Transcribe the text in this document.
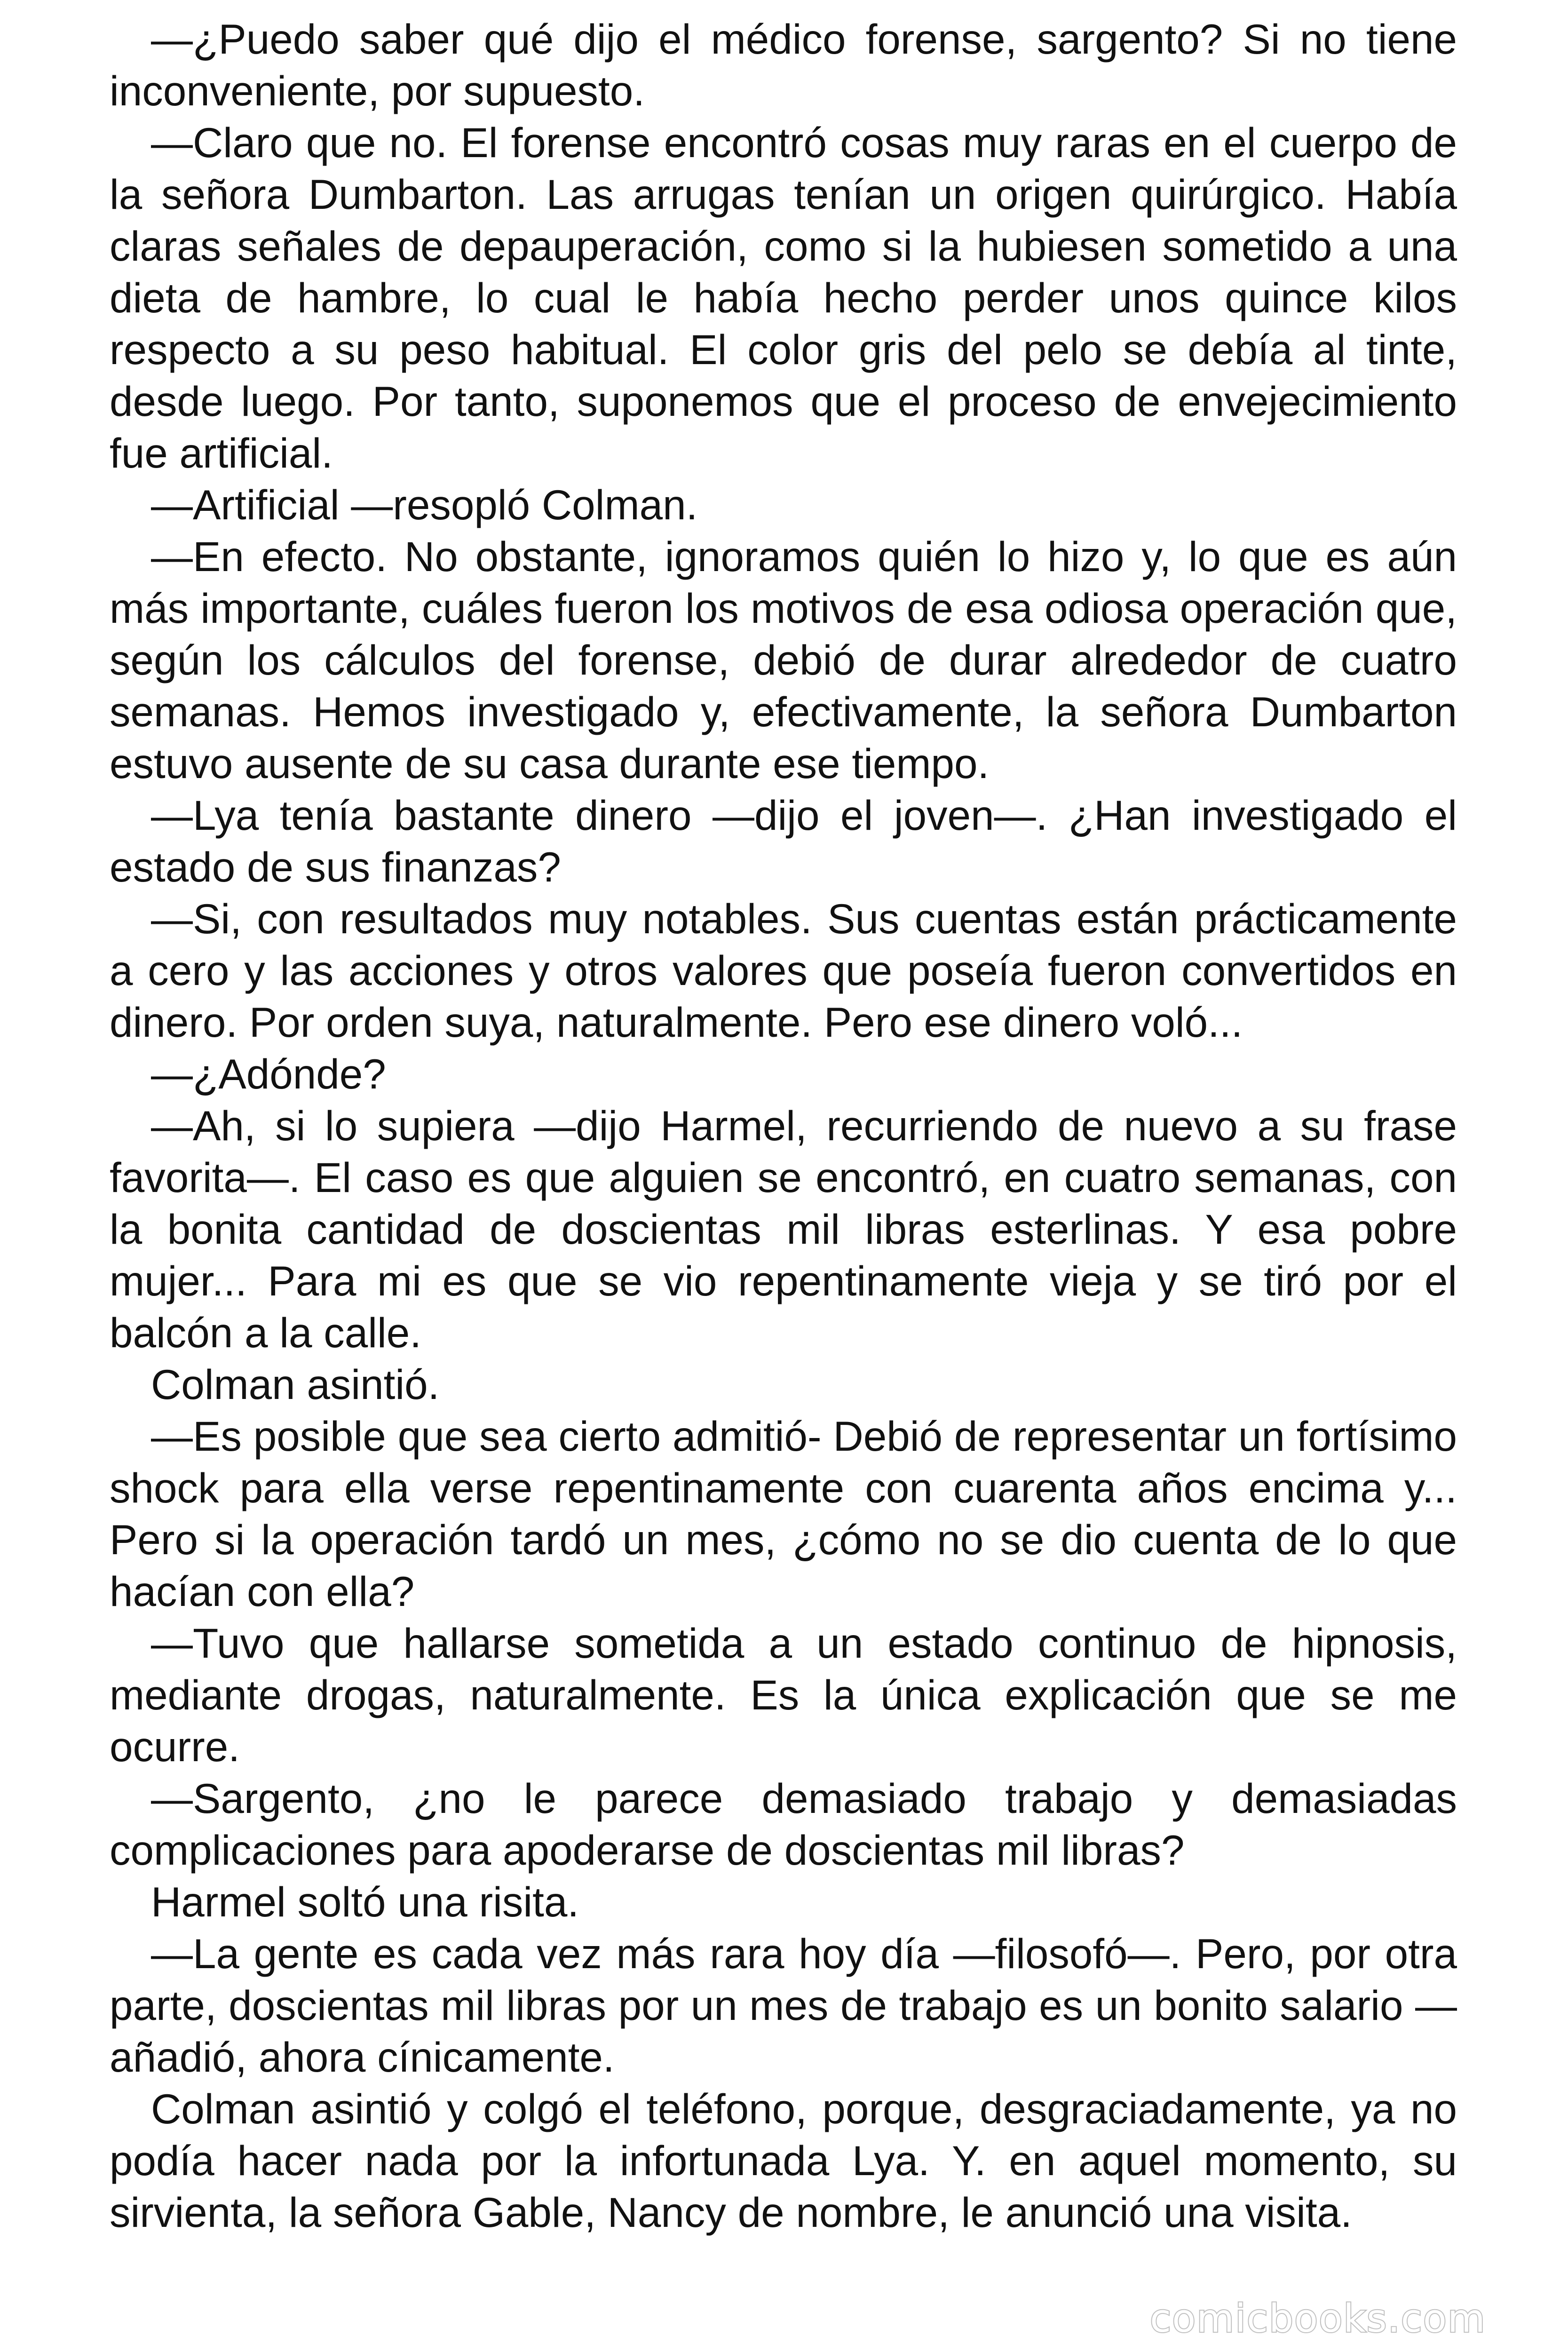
—¿Puedo saber qué dijo el médico forense, sargento? Si no tiene inconveniente, por supuesto.

—Claro que no. El forense encontró cosas muy raras en el cuerpo de la señora Dumbarton. Las arrugas tenían un origen quirúrgico. Había claras señales de depauperación, como si la hubiesen sometido a una dieta de hambre, lo cual le había hecho perder unos quince kilos respecto a su peso habitual. El color gris del pelo se debía al tinte, desde luego. Por tanto, suponemos que el proceso de envejecimiento fue artificial.

—Artificial —resopló Colman.

—En efecto. No obstante, ignoramos quién lo hizo y, lo que es aún más importante, cuáles fueron los motivos de esa odiosa operación que, según los cálculos del forense, debió de durar alrededor de cuatro semanas. Hemos investigado y, efectivamente, la señora Dumbarton estuvo ausente de su casa durante ese tiempo.

—Lya tenía bastante dinero —dijo el joven—. ¿Han investigado el estado de sus finanzas?

—Si, con resultados muy notables. Sus cuentas están prácticamente a cero y las acciones y otros valores que poseía fueron convertidos en dinero. Por orden suya, naturalmente. Pero ese dinero voló...

—¿Adónde?

—Ah, si lo supiera —dijo Harmel, recurriendo de nuevo a su frase favorita—. El caso es que alguien se encontró, en cuatro semanas, con la bonita cantidad de doscientas mil libras esterlinas. Y esa pobre mujer... Para mi es que se vio repentinamente vieja y se tiró por el balcón a la calle.

Colman asintió.

—Es posible que sea cierto admitió- Debió de representar un fortísimo shock para ella verse repentinamente con cuarenta años encima y... Pero si la operación tardó un mes, ¿cómo no se dio cuenta de lo que hacían con ella?

—Tuvo que hallarse sometida a un estado continuo de hipnosis, mediante drogas, naturalmente. Es la única explicación que se me ocurre.

—Sargento, ¿no le parece demasiado trabajo y demasiadas complicaciones para apoderarse de doscientas mil libras?

Harmel soltó una risita.

—La gente es cada vez más rara hoy día —filosofó—. Pero, por otra parte, doscientas mil libras por un mes de trabajo es un bonito salario —añadió, ahora cínicamente.

Colman asintió y colgó el teléfono, porque, desgraciadamente, ya no podía hacer nada por la infortunada Lya. Y. en aquel momento, su sirvienta, la señora Gable, Nancy de nombre, le anunció una visita.

comicbooks.com
